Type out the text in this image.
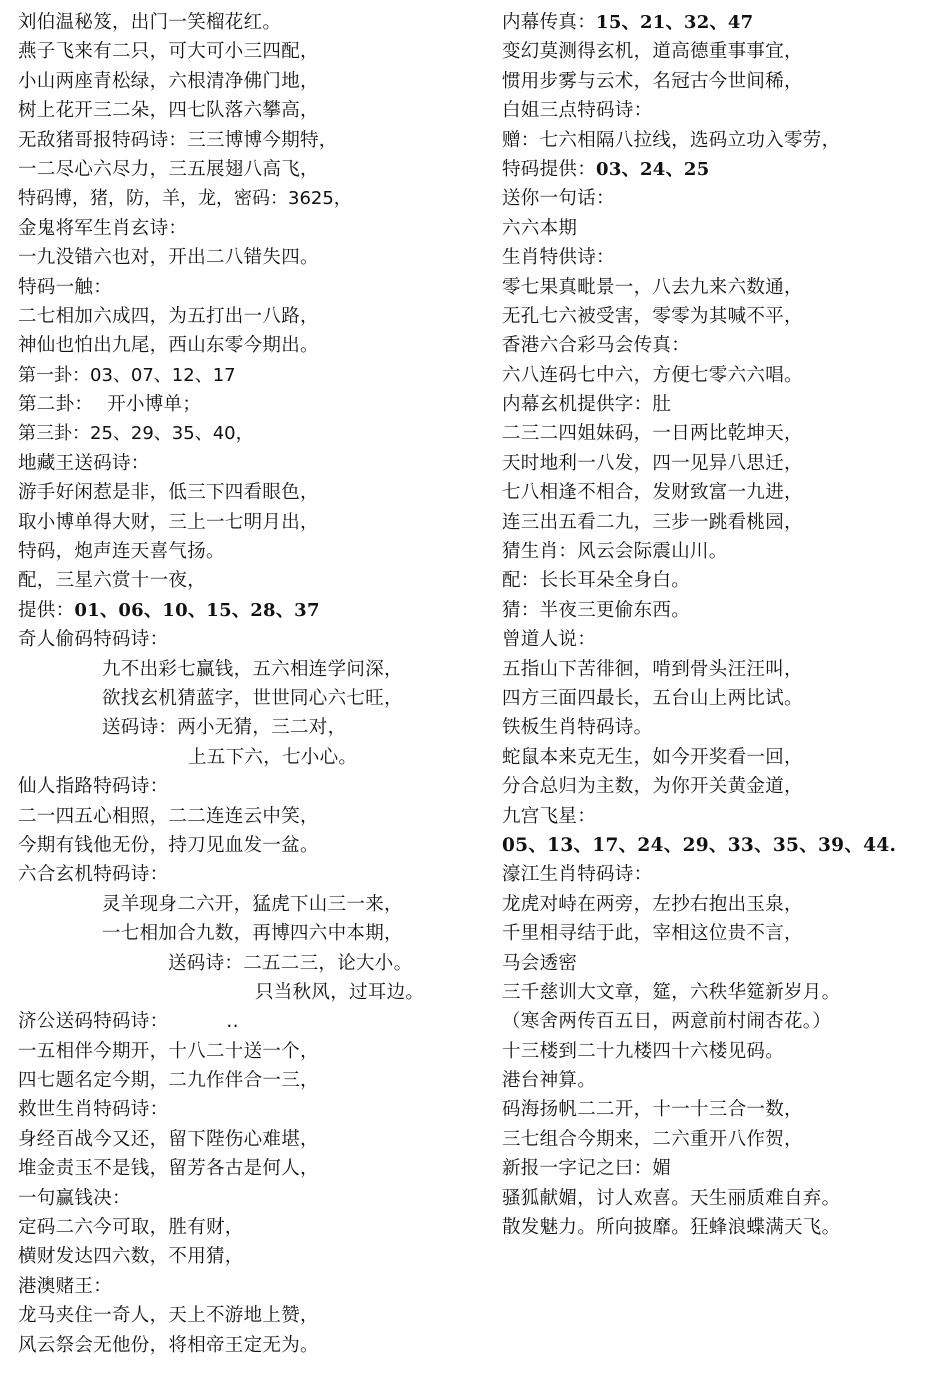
刘伯温秘笈，出门一笑榴花红。
燕子飞来有二只，可大可小三四配，
小山两座青松绿，六根清净佛门地，
树上花开三二朵，四七队落六攀高，
无敌猪哥报特码诗：三三博博今期特，
一二尽心六尽力，三五展翅八高飞，
特码博，猪，防，羊，龙，密码：3625，
金鬼将军生肖玄诗：
一九没错六也对，开出二八错失四。
特码一触：
二七相加六成四，为五打出一八路，
神仙也怕出九尾，西山东零今期出。
第一卦：03、07、12、17
第二卦： 开小博单；
第三卦：25、29、35、40，
地藏王送码诗：
游手好闲惹是非，低三下四看眼色，
取小博单得大财，三上一七明月出，
特码，炮声连天喜气扬。
配，三星六赏十一夜，
提供：01、06、10、15、28、37
奇人偷码特码诗：
九不出彩七赢钱，五六相连学问深，
欲找玄机猜蓝字，世世同心六七旺，
送码诗：两小无猜，三二对，
上五下六，七小心。
仙人指路特码诗：
二一四五心相照，二二连连云中笑，
今期有钱他无份，持刀见血发一盆。
六合玄机特码诗：
灵羊现身二六开，猛虎下山三一来，
一七相加合九数，再博四六中本期，
送码诗：二五二三，论大小。
只当秋风，过耳边。
济公送码特码诗：	..
一五相伴今期开，十八二十送一个，
四七题名定今期，二九作伴合一三，
救世生肖特码诗：
身经百战今又还，留下陛伤心难堪，
堆金责玉不是钱，留芳各古是何人，
一句赢钱决：
定码二六今可取，胜有财，
横财发达四六数，不用猜，
港澳赌王：
龙马夹住一奇人，天上不游地上赞，
风云祭会无他份，将相帝王定无为。
内幕传真：15、21、32、47
变幻莫测得玄机，道高德重事事宜，
惯用步雾与云术，名冠古今世间稀，
白姐三点特码诗：
赠：七六相隔八拉线，选码立功入零劳，
特码提供：03、24、25
送你一句话：
六六本期
生肖特供诗：
零七果真毗景一，八去九来六数通，
无孔七六被受害，零零为其喊不平，
香港六合彩马会传真：
六八连码七中六，方便七零六六唱。
内幕玄机提供字：肚
二三二四姐妹码，一日两比乾坤天，
天时地利一八发，四一见异八思迁，
七八相逢不相合，发财致富一九进，
连三出五看二九，三步一跳看桃园，
猜生肖：风云会际震山川。
配：长长耳朵全身白。
猜：半夜三更偷东西。
曾道人说：
五指山下苦徘徊，啃到骨头汪汪叫，
四方三面四最长，五台山上两比试。
铁板生肖特码诗。
蛇鼠本来克无生，如今开奖看一回，
分合总归为主数，为你开关黄金道，
九宫飞星：
05、13、17、24、29、33、35、39、44.
濠江生肖特码诗：
龙虎对峙在两旁，左抄右抱出玉泉，
千里相寻结于此，宰相这位贵不言，
马会透密
三千慈训大文章，筵，六秩华筵新岁月。
（寒舍两传百五日，两意前村闹杏花。）
十三楼到二十九楼四十六楼见码。
港台神算。
码海扬帆二二开，十一十三合一数，
三七组合今期来，二六重开八作贺，
新报一字记之曰：媚
骚狐献媚，讨人欢喜。天生丽质难自弃。
散发魅力。所向披靡。狂蜂浪蝶满天飞。
